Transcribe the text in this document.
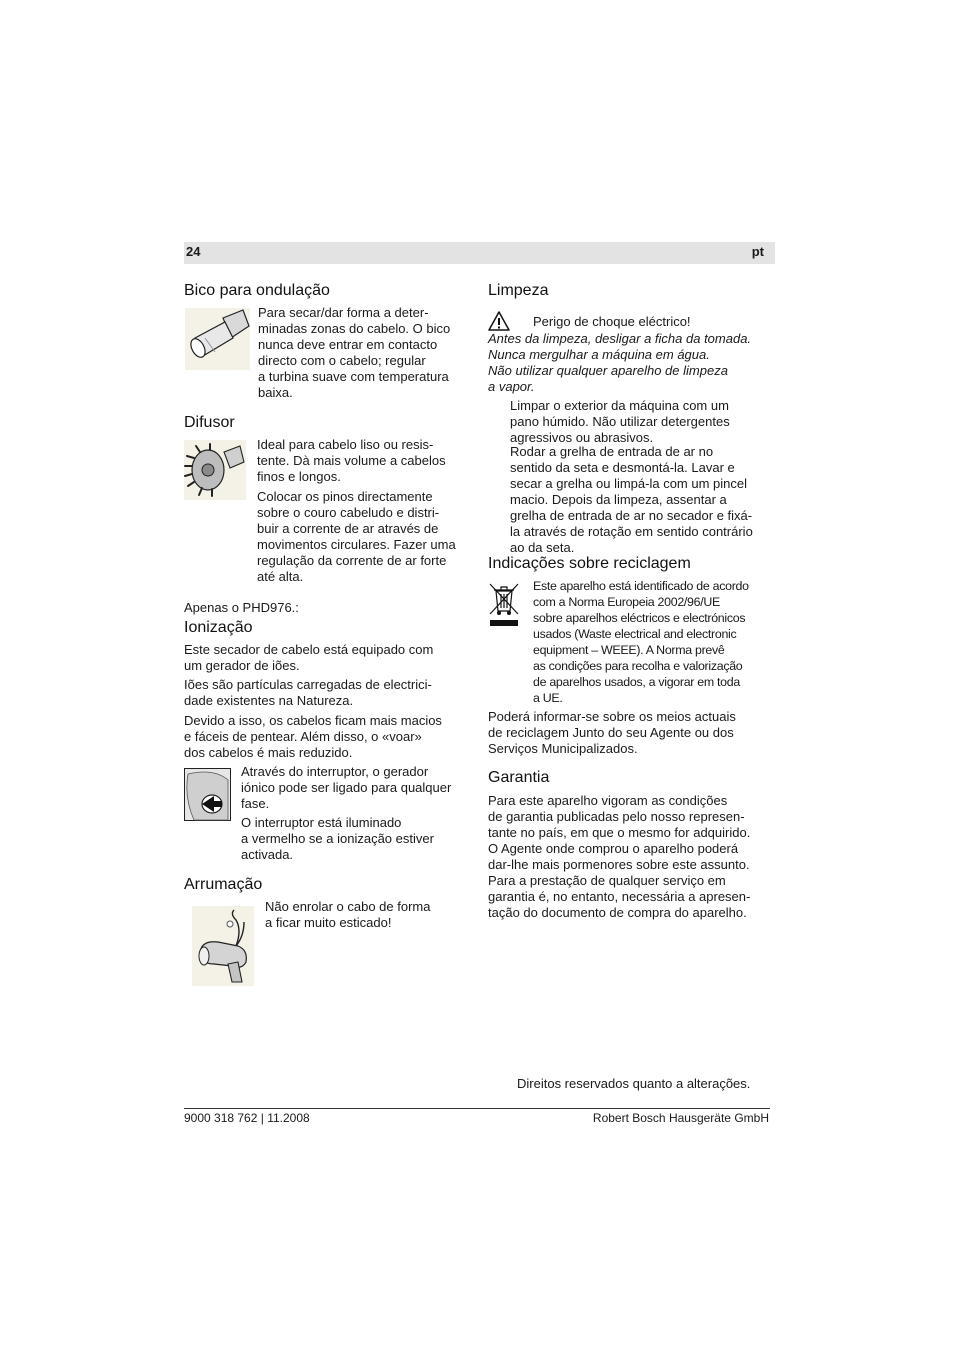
24	pt
Bico para ondulação

Para secar/dar forma a deter-
minadas zonas do cabelo. O bico
nunca deve entrar em contacto
directo com o cabelo; regular
a turbina suave com temperatura
baixa.

Difusor

Ideal para cabelo liso ou resis-
tente. Dà mais volume a cabelos
finos e longos.

Colocar os pinos directamente
sobre o couro cabeludo e distri-
buir a corrente de ar através de
movimentos circulares. Fazer uma
regulação da corrente de ar forte
até alta.

Apenas o PHD976.:
Ionização

Este secador de cabelo está equipado com
um gerador de iões.

Iões são partículas carregadas de electrici-
dade existentes na Natureza.

Devido a isso, os cabelos ficam mais macios
e fáceis de pentear. Além disso, o «voar»
dos cabelos é mais reduzido.

Através do interruptor, o gerador
iónico pode ser ligado para qualquer
fase.

O interruptor está iluminado
a vermelho se a ionização estiver
activada.

Arrumação

Não enrolar o cabo de forma
a ficar muito esticado!

Limpeza
Perigo de choque eléctrico!

Antes da limpeza, desligar a ficha da tomada.
Nunca mergulhar a máquina em água.
Não utilizar qualquer aparelho de limpeza
a vapor.

Limpar o exterior da máquina com um
pano húmido. Não utilizar detergentes
agressivos ou abrasivos.

Rodar a grelha de entrada de ar no
sentido da seta e desmontá-la. Lavar e
secar a grelha ou limpá-la com um pincel
macio. Depois da limpeza, assentar a
grelha de entrada de ar no secador e fixá-
la através de rotação em sentido contrário
ao da seta.

Indicações sobre reciclagem

Este aparelho está identificado de acordo
com a Norma Europeia 2002/96/UE
sobre aparelhos eléctricos e electrónicos
usados (Waste electrical and electronic
equipment – WEEE). A Norma prevê
as condições para recolha e valorização
de aparelhos usados, a vigorar em toda
a UE.

Poderá informar-se sobre os meios actuais
de reciclagem Junto do seu Agente ou dos
Serviços Municipalizados.

Garantia

Para este aparelho vigoram as condições
de garantia publicadas pelo nosso represen-
tante no país, em que o mesmo for adquirido.
O Agente onde comprou o aparelho poderá
dar-lhe mais pormenores sobre este assunto.
Para a prestação de qualquer serviço em
garantia é, no entanto, necessária a apresen-
tação do documento de compra do aparelho.

Direitos reservados quanto a alterações.
9000 318 762 | 11.2008	Robert Bosch Hausgeräte GmbH
